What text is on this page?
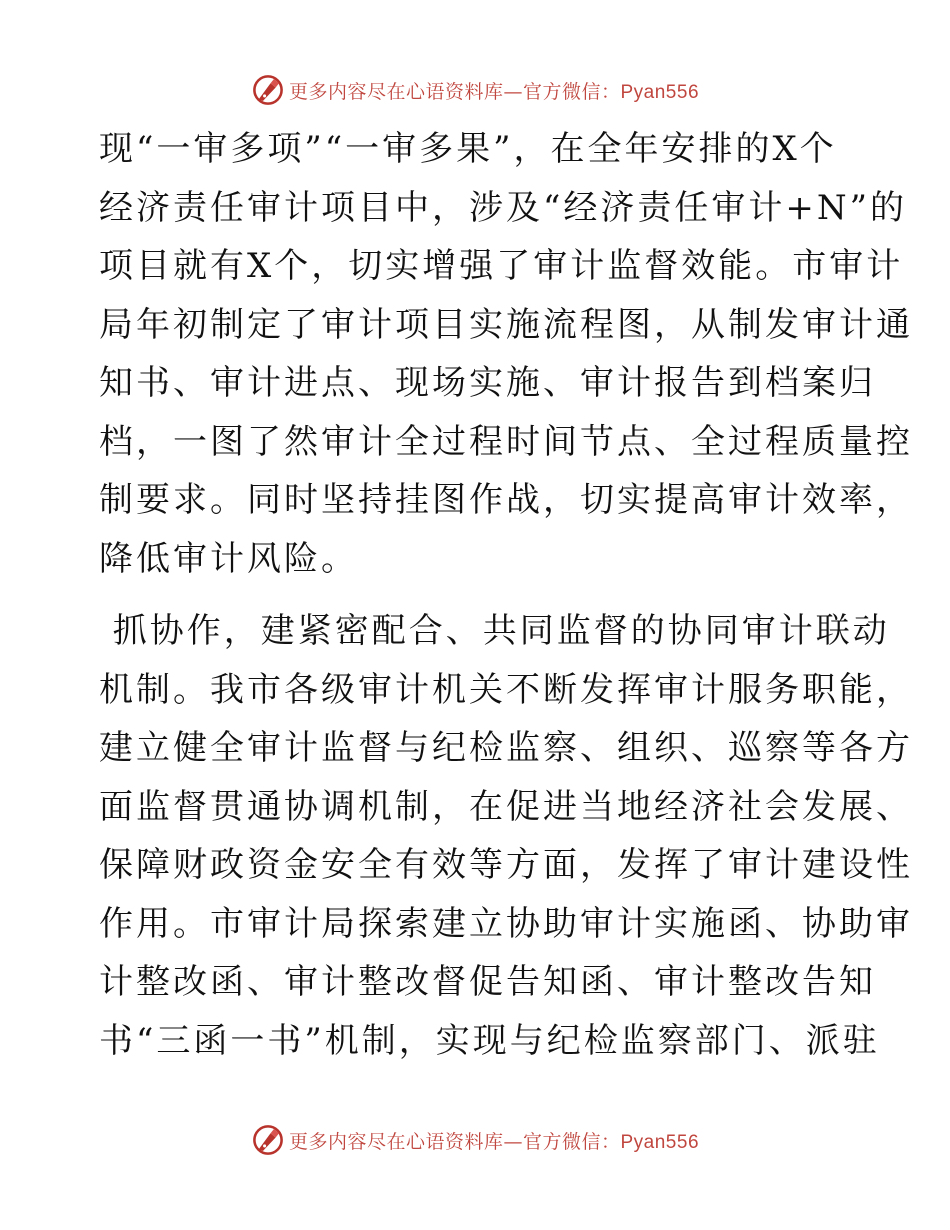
更多内容尽在心语资料库—官方微信：Pyan556
现“一审多项”“一审多果”，在全年安排的X个
经济责任审计项目中，涉及“经济责任审计+N”的
项目就有X个，切实增强了审计监督效能。市审计
局年初制定了审计项目实施流程图，从制发审计通
知书、审计进点、现场实施、审计报告到档案归
档，一图了然审计全过程时间节点、全过程质量控
制要求。同时坚持挂图作战，切实提高审计效率，
降低审计风险。
抓协作，建紧密配合、共同监督的协同审计联动
机制。我市各级审计机关不断发挥审计服务职能，
建立健全审计监督与纪检监察、组织、巡察等各方
面监督贯通协调机制，在促进当地经济社会发展、
保障财政资金安全有效等方面，发挥了审计建设性
作用。市审计局探索建立协助审计实施函、协助审
计整改函、审计整改督促告知函、审计整改告知
书“三函一书”机制，实现与纪检监察部门、派驻
更多内容尽在心语资料库—官方微信：Pyan556
